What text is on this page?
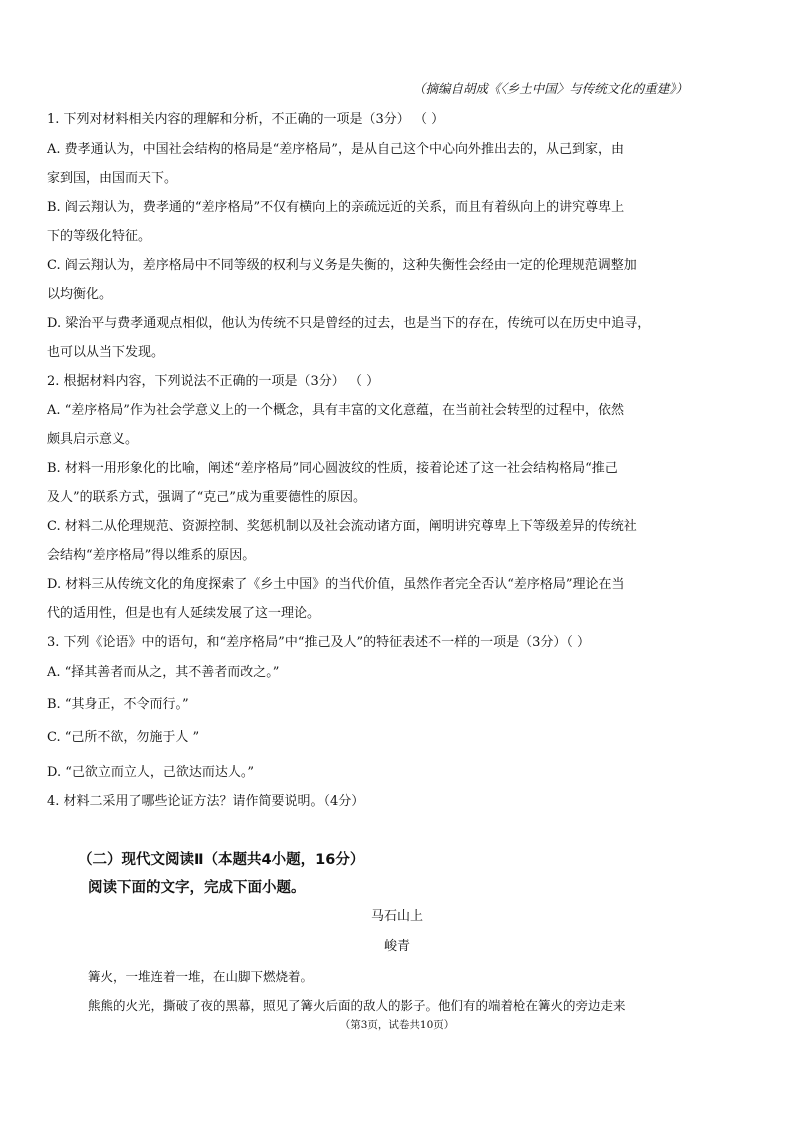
（摘编自胡成《〈乡土中国〉与传统文化的重建》）
1. 下列对材料相关内容的理解和分析，不正确的一项是（3分） （ ）
A. 费孝通认为，中国社会结构的格局是“差序格局”，是从自己这个中心向外推出去的，从己到家，由
家到国，由国而天下。
B. 阎云翔认为，费孝通的“差序格局”不仅有横向上的亲疏远近的关系，而且有着纵向上的讲究尊卑上
下的等级化特征。
C. 阎云翔认为，差序格局中不同等级的权利与义务是失衡的，这种失衡性会经由一定的伦理规范调整加
以均衡化。
D. 梁治平与费孝通观点相似，他认为传统不只是曾经的过去，也是当下的存在，传统可以在历史中追寻，
也可以从当下发现。
2. 根据材料内容，下列说法不正确的一项是（3分） （ ）
A. “差序格局”作为社会学意义上的一个概念，具有丰富的文化意蕴，在当前社会转型的过程中，依然
颇具启示意义。
B. 材料一用形象化的比喻，阐述“差序格局”同心圆波纹的性质，接着论述了这一社会结构格局“推己
及人”的联系方式，强调了“克己”成为重要德性的原因。
C. 材料二从伦理规范、资源控制、奖惩机制以及社会流动诸方面，阐明讲究尊卑上下等级差异的传统社
会结构“差序格局”得以维系的原因。
D. 材料三从传统文化的角度探索了《乡土中国》的当代价值，虽然作者完全否认“差序格局”理论在当
代的适用性，但是也有人延续发展了这一理论。
3. 下列《论语》中的语句，和“差序格局”中“推己及人”的特征表述不一样的一项是（3分）（ ）
A. “择其善者而从之，其不善者而改之。”
B. “其身正，不令而行。”
C. “己所不欲，勿施于人 ”
D. “己欲立而立人，己欲达而达人。”
4. 材料二采用了哪些论证方法？请作简要说明。（4分）
（二）现代文阅读Ⅱ（本题共4小题，16分）
阅读下面的文字，完成下面小题。
马石山上
峻青
篝火，一堆连着一堆，在山脚下燃烧着。
熊熊的火光，撕破了夜的黑幕，照见了篝火后面的敌人的影子。他们有的端着枪在篝火的旁边走来
（第3页，试卷共10页）
